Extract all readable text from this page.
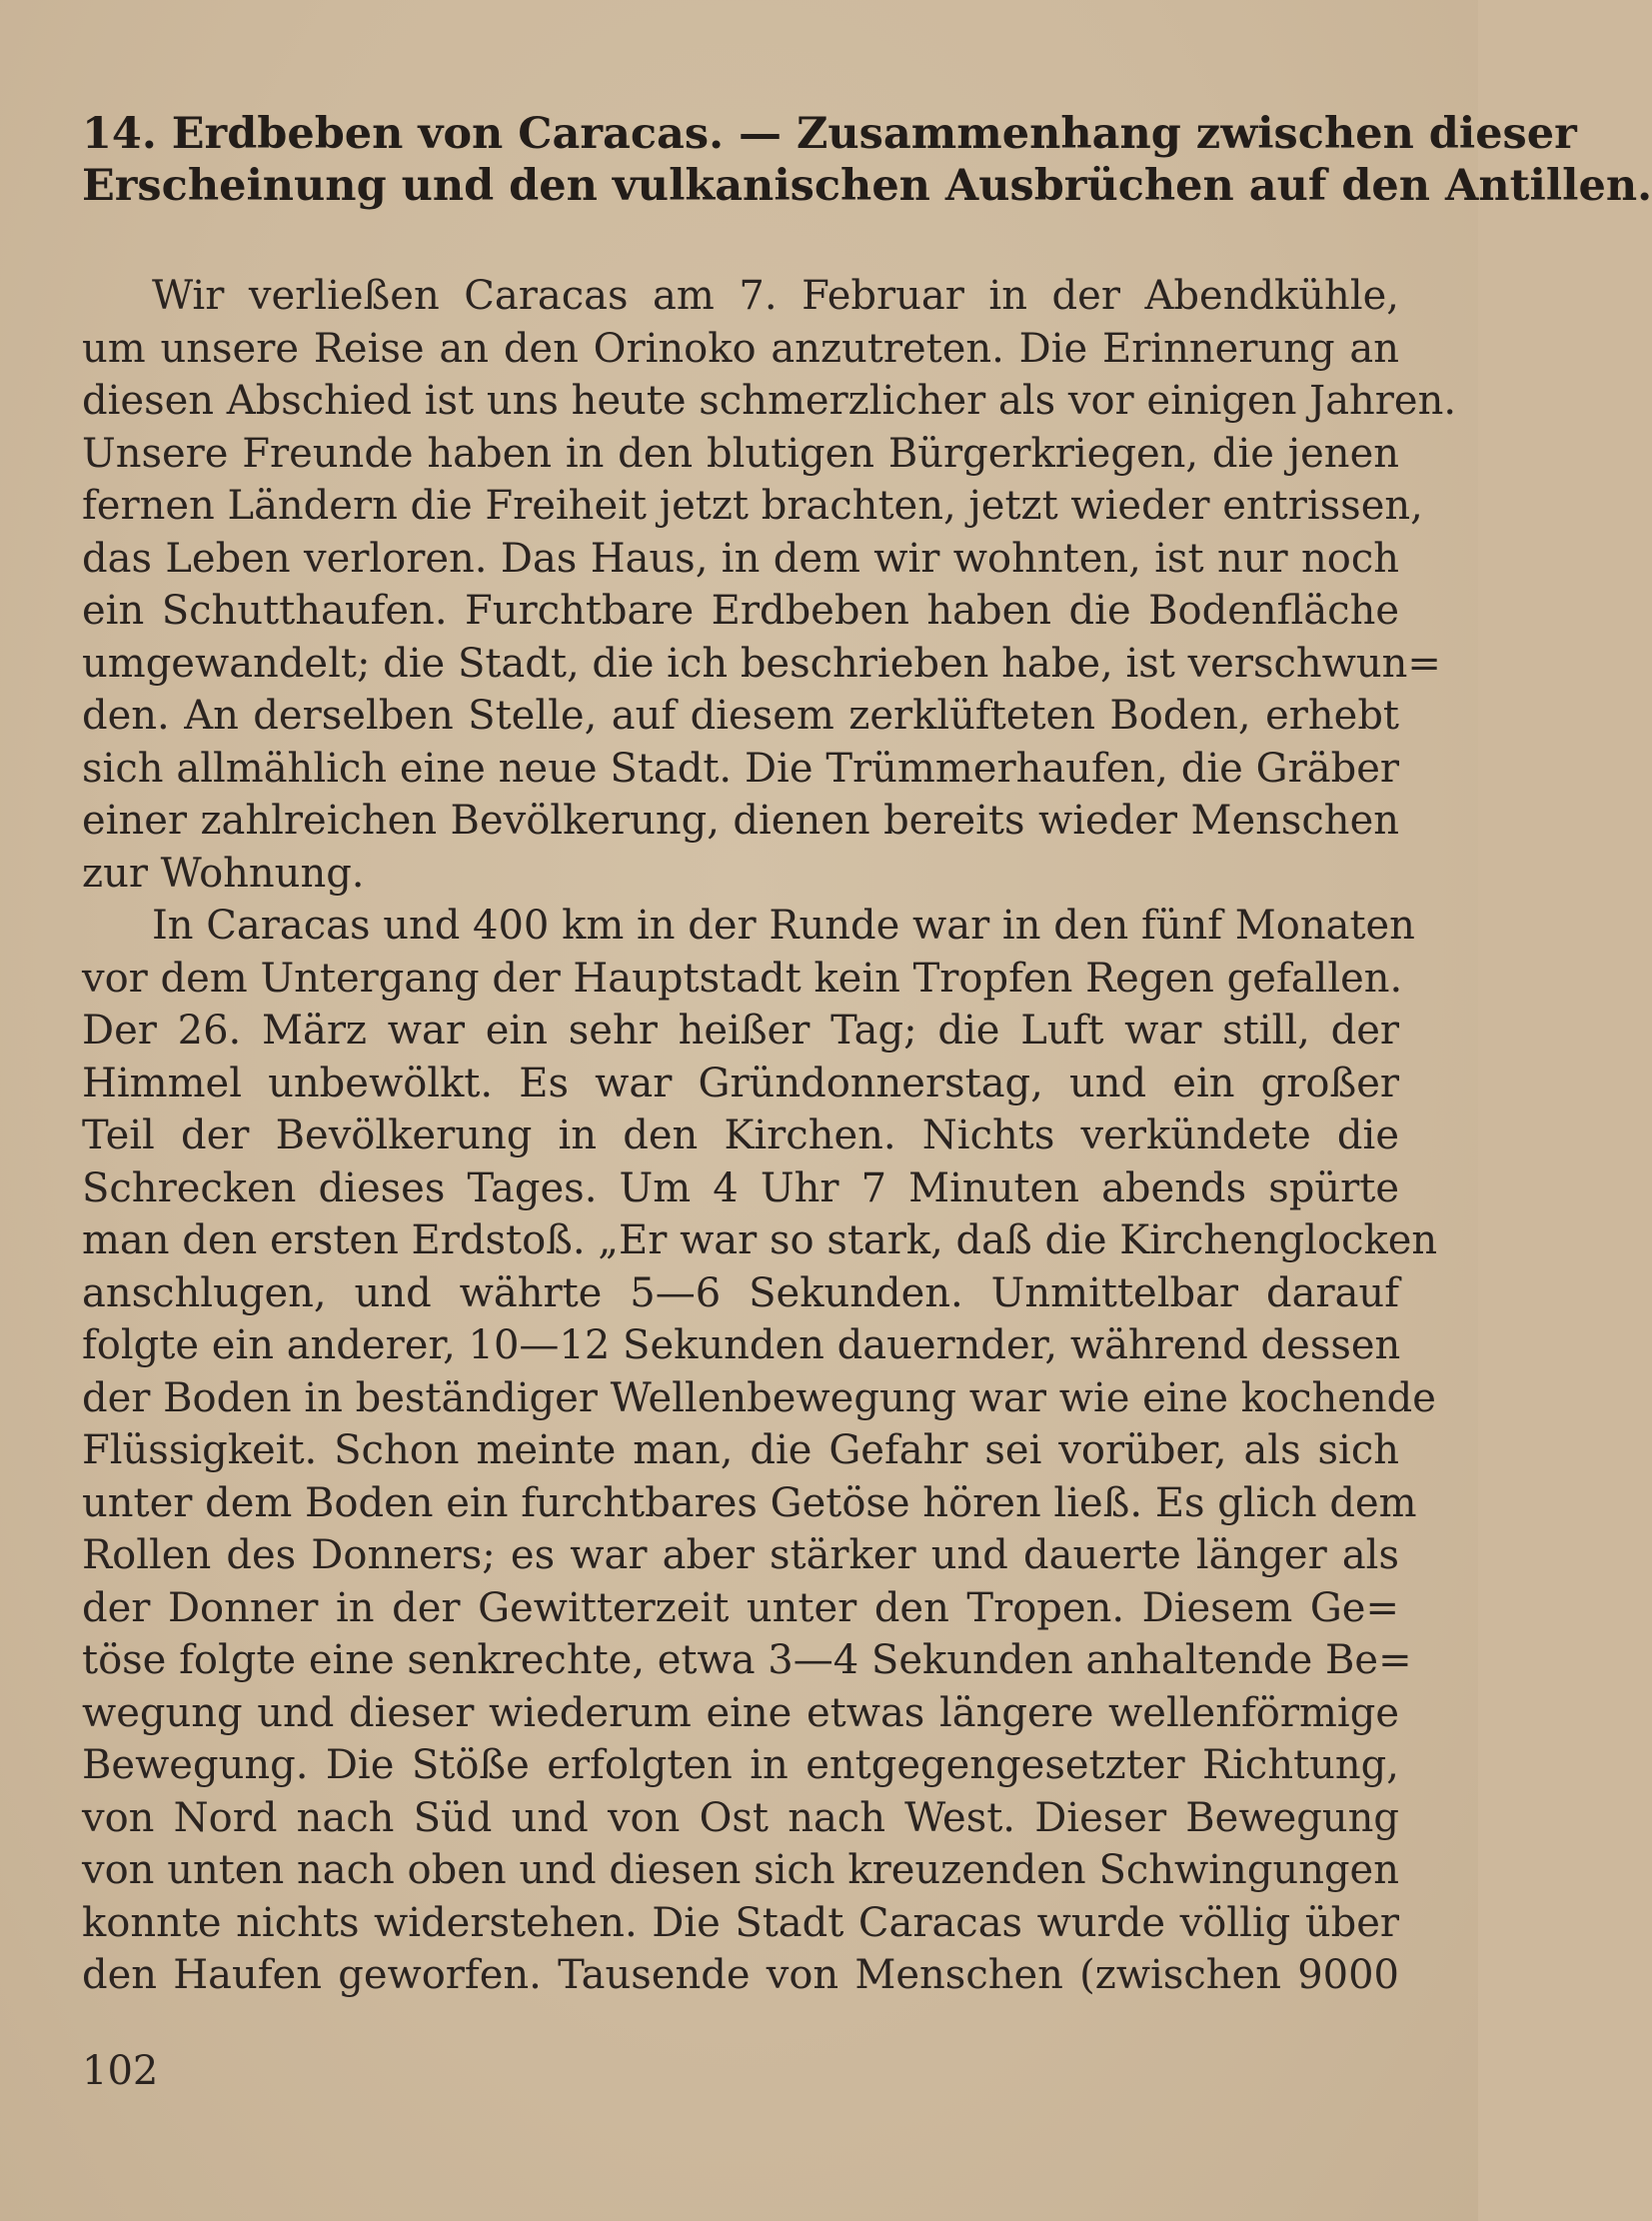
14. Erdbeben von Caracas. — Zusammenhang zwischen dieser
Erscheinung und den vulkanischen Ausbrüchen auf den Antillen.
Wir verließen Caracas am 7. Februar in der Abendkühle,
um unsere Reise an den Orinoko anzutreten. Die Erinnerung an
diesen Abschied ist uns heute schmerzlicher als vor einigen Jahren.
Unsere Freunde haben in den blutigen Bürgerkriegen, die jenen
fernen Ländern die Freiheit jetzt brachten, jetzt wieder entrissen,
das Leben verloren. Das Haus, in dem wir wohnten, ist nur noch
ein Schutthaufen. Furchtbare Erdbeben haben die Bodenfläche
umgewandelt; die Stadt, die ich beschrieben habe, ist verschwun=
den. An derselben Stelle, auf diesem zerklüfteten Boden, erhebt
sich allmählich eine neue Stadt. Die Trümmerhaufen, die Gräber
einer zahlreichen Bevölkerung, dienen bereits wieder Menschen
zur Wohnung.
In Caracas und 400 km in der Runde war in den fünf Monaten
vor dem Untergang der Hauptstadt kein Tropfen Regen gefallen.
Der 26. März war ein sehr heißer Tag; die Luft war still, der
Himmel unbewölkt. Es war Gründonnerstag, und ein großer
Teil der Bevölkerung in den Kirchen. Nichts verkündete die
Schrecken dieses Tages. Um 4 Uhr 7 Minuten abends spürte
man den ersten Erdstoß. „Er war so stark, daß die Kirchenglocken
anschlugen, und währte 5—6 Sekunden. Unmittelbar darauf
folgte ein anderer, 10—12 Sekunden dauernder, während dessen
der Boden in beständiger Wellenbewegung war wie eine kochende
Flüssigkeit. Schon meinte man, die Gefahr sei vorüber, als sich
unter dem Boden ein furchtbares Getöse hören ließ. Es glich dem
Rollen des Donners; es war aber stärker und dauerte länger als
der Donner in der Gewitterzeit unter den Tropen. Diesem Ge=
töse folgte eine senkrechte, etwa 3—4 Sekunden anhaltende Be=
wegung und dieser wiederum eine etwas längere wellenförmige
Bewegung. Die Stöße erfolgten in entgegengesetzter Richtung,
von Nord nach Süd und von Ost nach West. Dieser Bewegung
von unten nach oben und diesen sich kreuzenden Schwingungen
konnte nichts widerstehen. Die Stadt Caracas wurde völlig über
den Haufen geworfen. Tausende von Menschen (zwischen 9000
102
